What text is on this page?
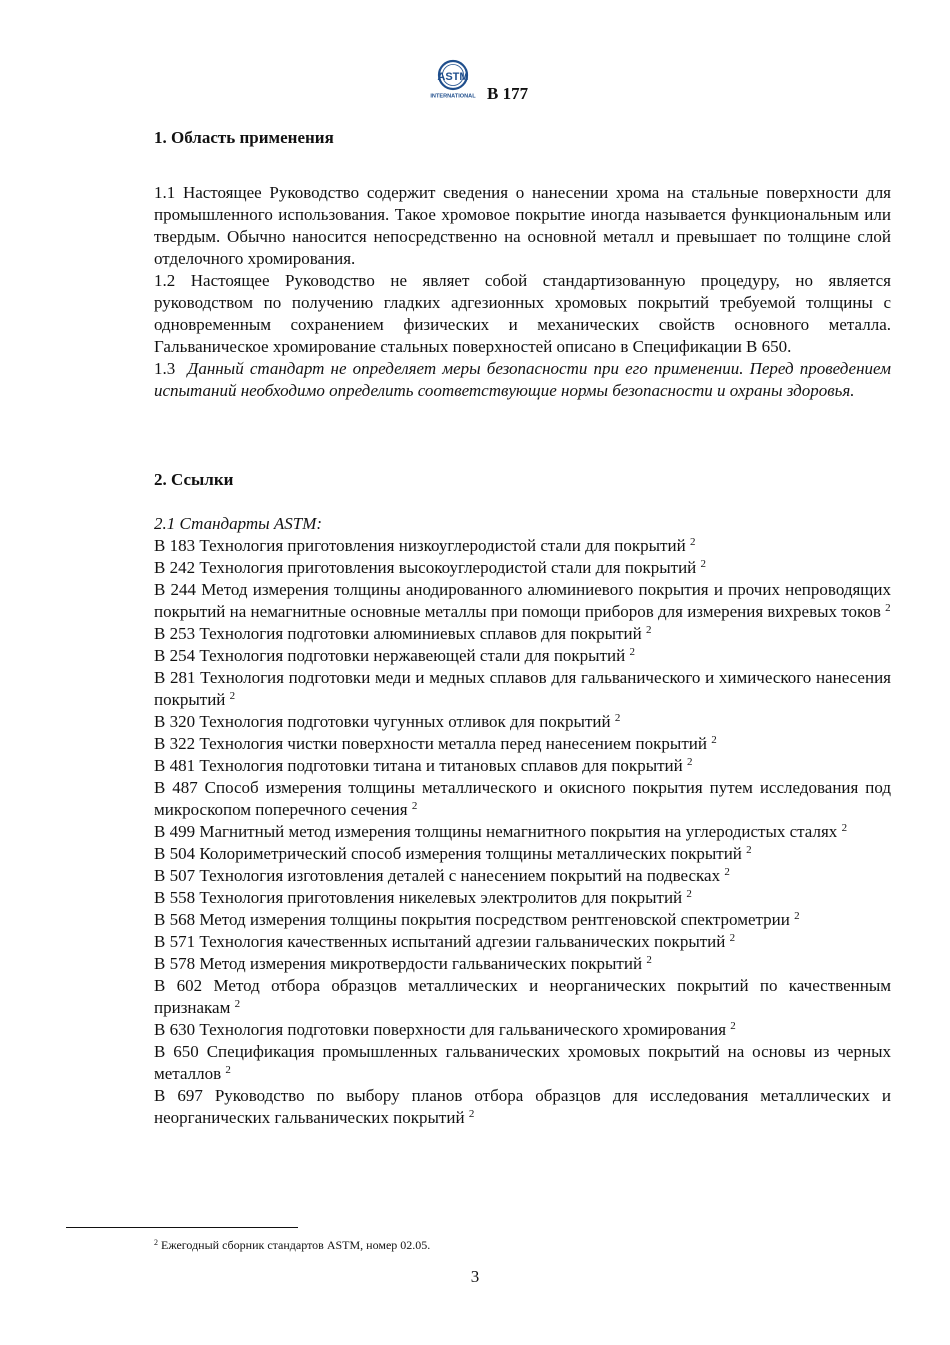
ASTM
INTERNATIONAL B 177
1. Область применения

1.1 Настоящее Руководство содержит сведения о нанесении хрома на стальные поверхности для промышленного использования. Такое хромовое покрытие иногда называется функциональным или твердым. Обычно наносится непосредственно на основной металл и превышает по толщине слой отделочного хромирования.

1.2 Настоящее Руководство не являет собой стандартизованную процедуру, но является руководством по получению гладких адгезионных хромовых покрытий требуемой толщины с одновременным сохранением физических и механических свойств основного металла. Гальваническое хромирование стальных поверхностей описано в Спецификации В 650.

1.3 Данный стандарт не определяет меры безопасности при его применении. Перед проведением испытаний необходимо определить соответствующие нормы безопасности и охраны здоровья.

2. Ссылки

2.1 Стандарты ASTM:

В 183 Технология приготовления низкоуглеродистой стали для покрытий $^2$

В 242 Технология приготовления высокоуглеродистой стали для покрытий $^2$

В 244 Метод измерения толщины анодированного алюминиевого покрытия и прочих непроводящих покрытий на немагнитные основные металлы при помощи приборов для измерения вихревых токов $^2$

В 253 Технология подготовки алюминиевых сплавов для покрытий $^2$

В 254 Технология подготовки нержавеющей стали для покрытий $^2$

В 281 Технология подготовки меди и медных сплавов для гальванического и химического нанесения покрытий $^2$

В 320 Технология подготовки чугунных отливок для покрытий $^2$

В 322 Технология чистки поверхности металла перед нанесением покрытий $^2$

В 481 Технология подготовки титана и титановых сплавов для покрытий $^2$

В 487 Способ измерения толщины металлического и окисного покрытия путем исследования под микроскопом поперечного сечения $^2$

В 499 Магнитный метод измерения толщины немагнитного покрытия на углеродистых сталях $^2$

В 504 Колориметрический способ измерения толщины металлических покрытий $^2$

В 507 Технология изготовления деталей с нанесением покрытий на подвесках $^2$

В 558 Технология приготовления никелевых электролитов для покрытий $^2$

В 568 Метод измерения толщины покрытия посредством рентгеновской спектрометрии $^2$

В 571 Технология качественных испытаний адгезии гальванических покрытий $^2$

В 578 Метод измерения микротвердости гальванических покрытий $^2$

В 602 Метод отбора образцов металлических и неорганических покрытий по качественным признакам $^2$

В 630 Технология подготовки поверхности для гальванического хромирования $^2$

В 650 Спецификация промышленных гальванических хромовых покрытий на основы из черных металлов $^2$

В 697 Руководство по выбору планов отбора образцов для исследования металлических и неорганических гальванических покрытий $^2$

$^2$ Ежегодный сборник стандартов ASTM, номер 02.05.
3
